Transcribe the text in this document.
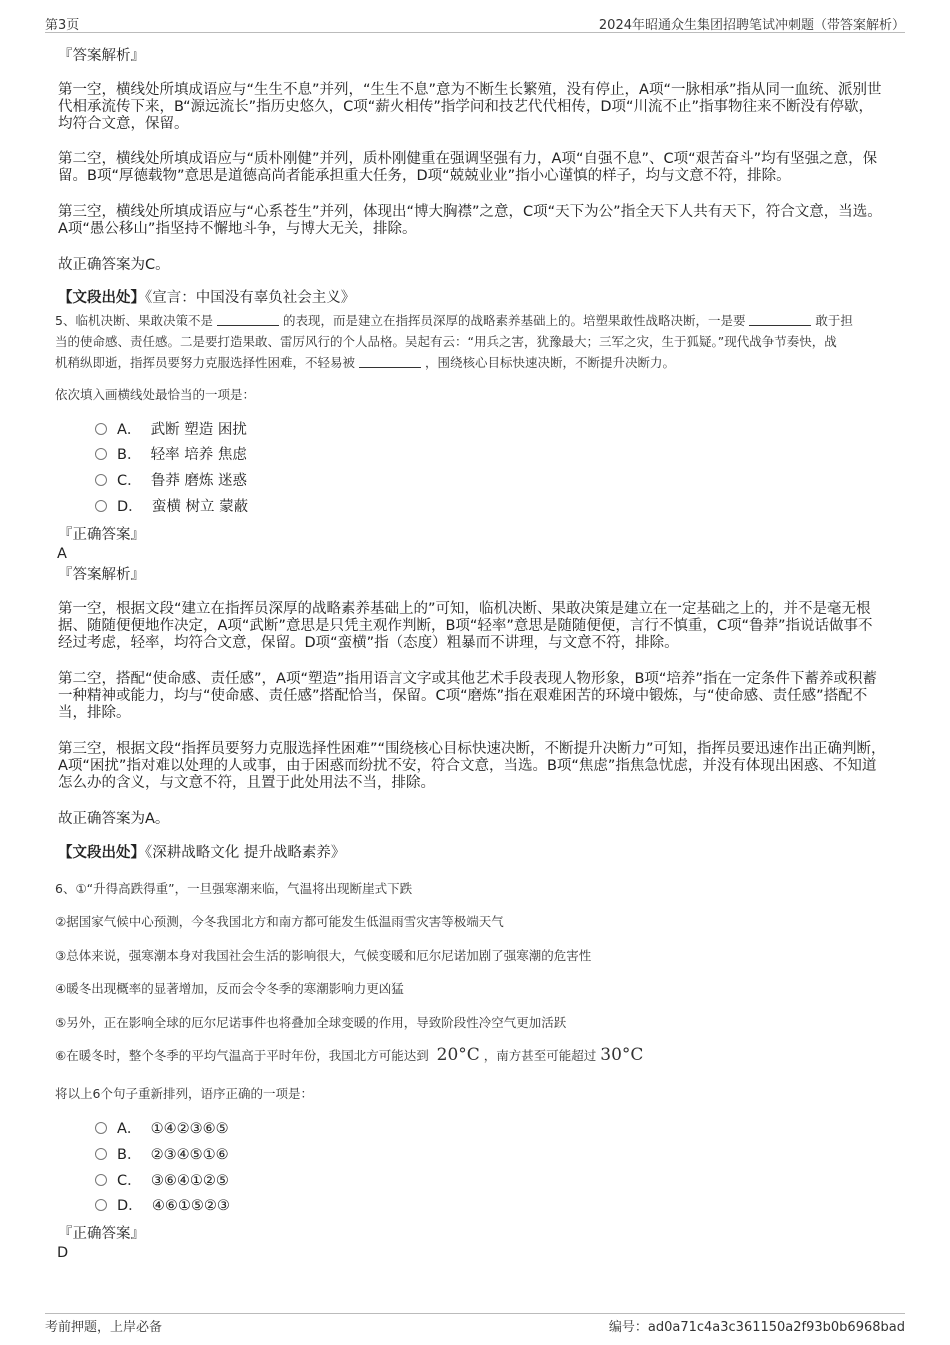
第3页	2024年昭通众生集团招聘笔试冲刺题（带答案解析）
『答案解析』

第一空，横线处所填成语应与“生生不息”并列，“生生不息”意为不断生长繁殖，没有停止，A项“一脉相承”指从同一血统、派别世代相承流传下来，B“源远流长”指历史悠久，C项“薪火相传”指学问和技艺代代相传，D项“川流不止”指事物往来不断没有停歇，均符合文意，保留。

第二空，横线处所填成语应与“质朴刚健”并列，质朴刚健重在强调坚强有力，A项“自强不息”、C项“艰苦奋斗”均有坚强之意，保留。B项“厚德载物”意思是道德高尚者能承担重大任务，D项“兢兢业业”指小心谨慎的样子，均与文意不符，排除。

第三空，横线处所填成语应与“心系苍生”并列，体现出“博大胸襟”之意，C项“天下为公”指全天下人共有天下，符合文意，当选。A项“愚公移山”指坚持不懈地斗争，与博大无关，排除。

故正确答案为C。

【文段出处】《宣言：中国没有辜负社会主义》
5、临机决断、果敢决策不是	的表现，而是建立在指挥员深厚的战略素养基础上的。培塑果敢性战略决断，一是要	敢于担
当的使命感、责任感。二是要打造果敢、雷厉风行的个人品格。吴起有云：“用兵之害，犹豫最大；三军之灾，生于狐疑。”现代战争节奏快，战
机稍纵即逝，指挥员要努力克服选择性困难，不轻易被	，围绕核心目标快速决断，不断提升决断力。
依次填入画横线处最恰当的一项是：
A． 武断 塑造 困扰
B． 轻率 培养 焦虑
C． 鲁莽 磨炼 迷惑
D． 蛮横 树立 蒙蔽
『正确答案』
A
『答案解析』

第一空，根据文段“建立在指挥员深厚的战略素养基础上的”可知，临机决断、果敢决策是建立在一定基础之上的，并不是毫无根据、随随便便地作决定，A项“武断”意思是只凭主观作判断，B项“轻率”意思是随随便便，言行不慎重，C项“鲁莽”指说话做事不经过考虑，轻率，均符合文意，保留。D项“蛮横”指（态度）粗暴而不讲理，与文意不符，排除。

第二空，搭配“使命感、责任感”，A项“塑造”指用语言文字或其他艺术手段表现人物形象，B项“培养”指在一定条件下蓄养或积蓄一种精神或能力，均与“使命感、责任感”搭配恰当，保留。C项“磨炼”指在艰难困苦的环境中锻炼，与“使命感、责任感”搭配不当，排除。

第三空，根据文段“指挥员要努力克服选择性困难”“围绕核心目标快速决断，不断提升决断力”可知，指挥员要迅速作出正确判断，A项“困扰”指对难以处理的人或事，由于困惑而纷扰不安，符合文意，当选。B项“焦虑”指焦急忧虑，并没有体现出困惑、不知道怎么办的含义，与文意不符，且置于此处用法不当，排除。

故正确答案为A。

【文段出处】《深耕战略文化 提升战略素养》
6、①“升得高跌得重”，一旦强寒潮来临，气温将出现断崖式下跌
②据国家气候中心预测，今冬我国北方和南方都可能发生低温雨雪灾害等极端天气
③总体来说，强寒潮本身对我国社会生活的影响很大，气候变暖和厄尔尼诺加剧了强寒潮的危害性
④暖冬出现概率的显著增加，反而会令冬季的寒潮影响力更凶猛
⑤另外，正在影响全球的厄尔尼诺事件也将叠加全球变暖的作用，导致阶段性冷空气更加活跃
⑥在暖冬时，整个冬季的平均气温高于平时年份，我国北方可能达到 20°C ，南方甚至可能超过 30°C
将以上6个句子重新排列，语序正确的一项是：
A． ①④②③⑥⑤
B． ②③④⑤①⑥
C． ③⑥④①②⑤
D． ④⑥①⑤②③
『正确答案』
D
考前押题，上岸必备	编号：ad0a71c4a3c361150a2f93b0b6968bad
